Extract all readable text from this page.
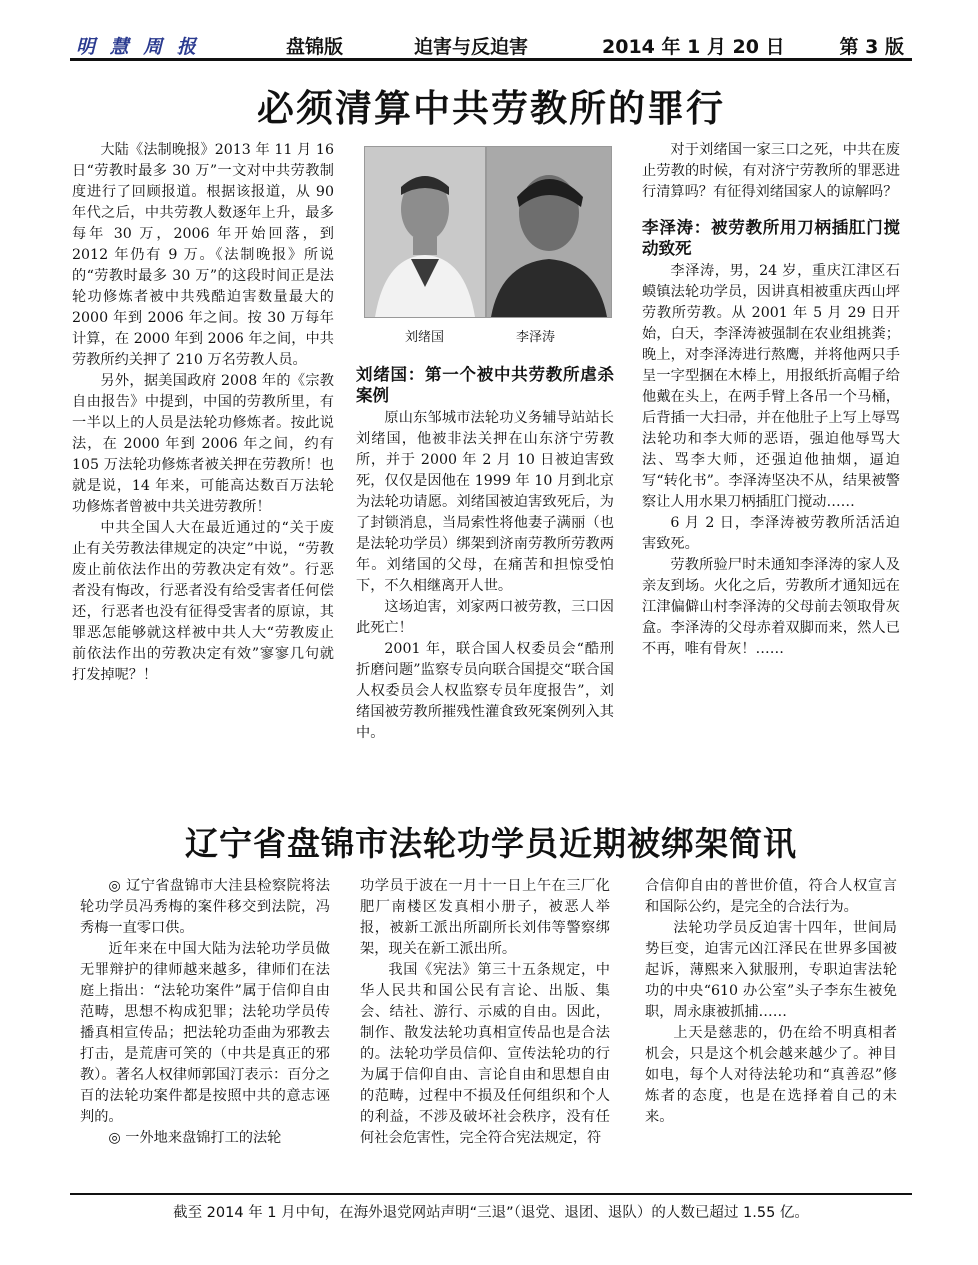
明 慧 周 报	盘锦版	迫害与反迫害	2014 年 1 月 20 日	第 3 版
必须清算中共劳教所的罪行

大陆《法制晚报》2013 年 11 月 16 日“劳教时最多 30 万”一文对中共劳教制度进行了回顾报道。根据该报道，从 90 年代之后，中共劳教人数逐年上升，最多每年 30 万，2006 年开始回落，到 2012 年仍有 9 万。《法制晚报》所说的“劳教时最多 30 万”的这段时间正是法轮功修炼者被中共残酷迫害数量最大的 2000 年到 2006 年之间。按 30 万每年计算，在 2000 年到 2006 年之间，中共劳教所约关押了 210 万名劳教人员。

另外，据美国政府 2008 年的《宗教自由报告》中提到，中国的劳教所里，有一半以上的人员是法轮功修炼者。按此说法，在 2000 年到 2006 年之间，约有 105 万法轮功修炼者被关押在劳教所！也就是说，14 年来，可能高达数百万法轮功修炼者曾被中共关进劳教所！

中共全国人大在最近通过的“关于废止有关劳教法律规定的决定”中说，“劳教废止前依法作出的劳教决定有效”。行恶者没有悔改，行恶者没有给受害者任何偿还，行恶者也没有征得受害者的原谅，其罪恶怎能够就这样被中共人大“劳教废止前依法作出的劳教决定有效”寥寥几句就打发掉呢？！

刘绪国	李泽涛

刘绪国：第一个被中共劳教所虐杀案例

原山东邹城市法轮功义务辅导站站长刘绪国，他被非法关押在山东济宁劳教所，并于 2000 年 2 月 10 日被迫害致死，仅仅是因他在 1999 年 10 月到北京为法轮功请愿。刘绪国被迫害致死后，为了封锁消息，当局索性将他妻子满丽（也是法轮功学员）绑架到济南劳教所劳教两年。刘绪国的父母，在痛苦和担惊受怕下，不久相继离开人世。

这场迫害，刘家两口被劳教，三口因此死亡！

2001 年，联合国人权委员会“酷刑折磨问题”监察专员向联合国提交“联合国人权委员会人权监察专员年度报告”，刘绪国被劳教所摧残性灌食致死案例列入其中。

对于刘绪国一家三口之死，中共在废止劳教的时候，有对济宁劳教所的罪恶进行清算吗？有征得刘绪国家人的谅解吗？

李泽涛：被劳教所用刀柄插肛门搅动致死

李泽涛，男，24 岁，重庆江津区石蟆镇法轮功学员，因讲真相被重庆西山坪劳教所劳教。从 2001 年 5 月 29 日开始，白天，李泽涛被强制在农业组挑粪；晚上，对李泽涛进行熬鹰，并将他两只手呈一字型捆在木棒上，用报纸折高帽子给他戴在头上，在两手臂上各吊一个马桶，后背插一大扫帚，并在他肚子上写上辱骂法轮功和李大师的恶语，强迫他辱骂大法、骂李大师，还强迫他抽烟，逼迫写“转化书”。李泽涛坚决不从，结果被警察让人用水果刀柄插肛门搅动……

6 月 2 日，李泽涛被劳教所活活迫害致死。

劳教所验尸时未通知李泽涛的家人及亲友到场。火化之后，劳教所才通知远在江津偏僻山村李泽涛的父母前去领取骨灰盒。李泽涛的父母赤着双脚而来，然人已不再，唯有骨灰！……

辽宁省盘锦市法轮功学员近期被绑架简讯

◎ 辽宁省盘锦市大洼县检察院将法轮功学员冯秀梅的案件移交到法院，冯秀梅一直零口供。

近年来在中国大陆为法轮功学员做无罪辩护的律师越来越多，律师们在法庭上指出：“法轮功案件”属于信仰自由范畴，思想不构成犯罪；法轮功学员传播真相宣传品；把法轮功歪曲为邪教去打击，是荒唐可笑的（中共是真正的邪教）。著名人权律师郭国汀表示：百分之百的法轮功案件都是按照中共的意志诬判的。

◎ 一外地来盘锦打工的法轮

功学员于波在一月十一日上午在三厂化肥厂南楼区发真相小册子，被恶人举报，被新工派出所副所长刘伟等警察绑架，现关在新工派出所。

我国《宪法》第三十五条规定，中华人民共和国公民有言论、出版、集会、结社、游行、示威的自由。因此，制作、散发法轮功真相宣传品也是合法的。法轮功学员信仰、宣传法轮功的行为属于信仰自由、言论自由和思想自由的范畴，过程中不损及任何组织和个人的利益，不涉及破坏社会秩序，没有任何社会危害性，完全符合宪法规定，符

合信仰自由的普世价值，符合人权宣言和国际公约，是完全的合法行为。

法轮功学员反迫害十四年，世间局势巨变，迫害元凶江泽民在世界多国被起诉，薄熙来入狱服刑，专职迫害法轮功的中央“610 办公室”头子李东生被免职，周永康被抓捕……

上天是慈悲的，仍在给不明真相者机会，只是这个机会越来越少了。神目如电，每个人对待法轮功和“真善忍”修炼者的态度，也是在选择着自己的未来。

截至 2014 年 1 月中旬，在海外退党网站声明“三退”（退党、退团、退队）的人数已超过 1.55 亿。
